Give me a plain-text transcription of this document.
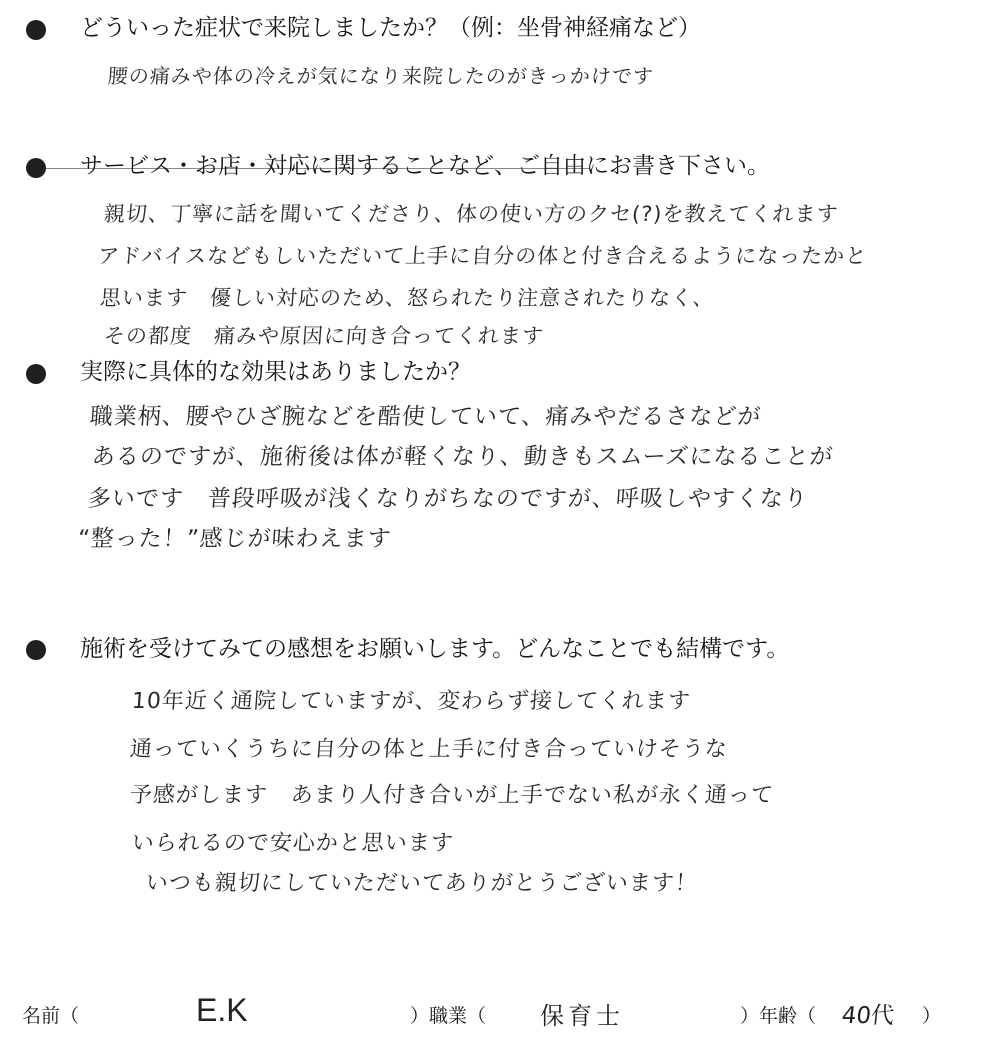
どういった症状で来院しましたか？（例：坐骨神経痛など）
腰の痛みや体の冷えが気になり来院したのがきっかけです
サービス・お店・対応に関することなど、ご自由にお書き下さい。
親切、丁寧に話を聞いてくださり、体の使い方のクセ(?)を教えてくれます
アドバイスなどもしいただいて上手に自分の体と付き合えるようになったかと
思います　優しい対応のため、怒られたり注意されたりなく、
その都度　痛みや原因に向き合ってくれます
実際に具体的な効果はありましたか？
職業柄、腰やひざ腕などを酷使していて、痛みやだるさなどが
あるのですが、施術後は体が軽くなり、動きもスムーズになることが
多いです　普段呼吸が浅くなりがちなのですが、呼吸しやすくなり
“整った！”感じが味わえます
施術を受けてみての感想をお願いします。どんなことでも結構です。
10年近く通院していますが、変わらず接してくれます
通っていくうちに自分の体と上手に付き合っていけそうな
予感がします　あまり人付き合いが上手でない私が永く通って
いられるので安心かと思います
いつも親切にしていただいてありがとうございます！
名前（	E.K	）職業（ 保育士	）年齢（ 40代 ）
